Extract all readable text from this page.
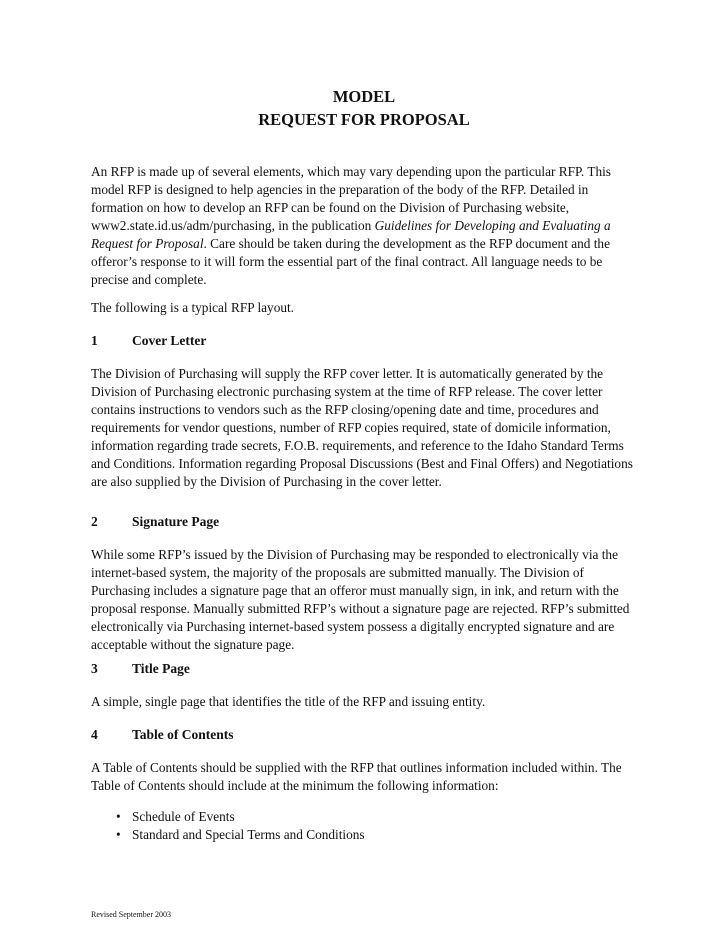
MODEL
REQUEST FOR PROPOSAL
An RFP is made up of several elements, which may vary depending upon the particular RFP. This model RFP is designed to help agencies in the preparation of the body of the RFP. Detailed in formation on how to develop an RFP can be found on the Division of Purchasing website, www2.state.id.us/adm/purchasing, in the publication Guidelines for Developing and Evaluating a Request for Proposal. Care should be taken during the development as the RFP document and the offeror’s response to it will form the essential part of the final contract. All language needs to be precise and complete.
The following is a typical RFP layout.
1	Cover Letter
The Division of Purchasing will supply the RFP cover letter. It is automatically generated by the Division of Purchasing electronic purchasing system at the time of RFP release. The cover letter contains instructions to vendors such as the RFP closing/opening date and time, procedures and requirements for vendor questions, number of RFP copies required, state of domicile information, information regarding trade secrets, F.O.B. requirements, and reference to the Idaho Standard Terms and Conditions. Information regarding Proposal Discussions (Best and Final Offers) and Negotiations are also supplied by the Division of Purchasing in the cover letter.
2	Signature Page
While some RFP’s issued by the Division of Purchasing may be responded to electronically via the internet-based system, the majority of the proposals are submitted manually. The Division of Purchasing includes a signature page that an offeror must manually sign, in ink, and return with the proposal response. Manually submitted RFP’s without a signature page are rejected. RFP’s submitted electronically via Purchasing internet-based system possess a digitally encrypted signature and are acceptable without the signature page.
3	Title Page
A simple, single page that identifies the title of the RFP and issuing entity.
4	Table of Contents
A Table of Contents should be supplied with the RFP that outlines information included within. The Table of Contents should include at the minimum the following information:
• Schedule of Events
• Standard and Special Terms and Conditions
Revised September 2003
